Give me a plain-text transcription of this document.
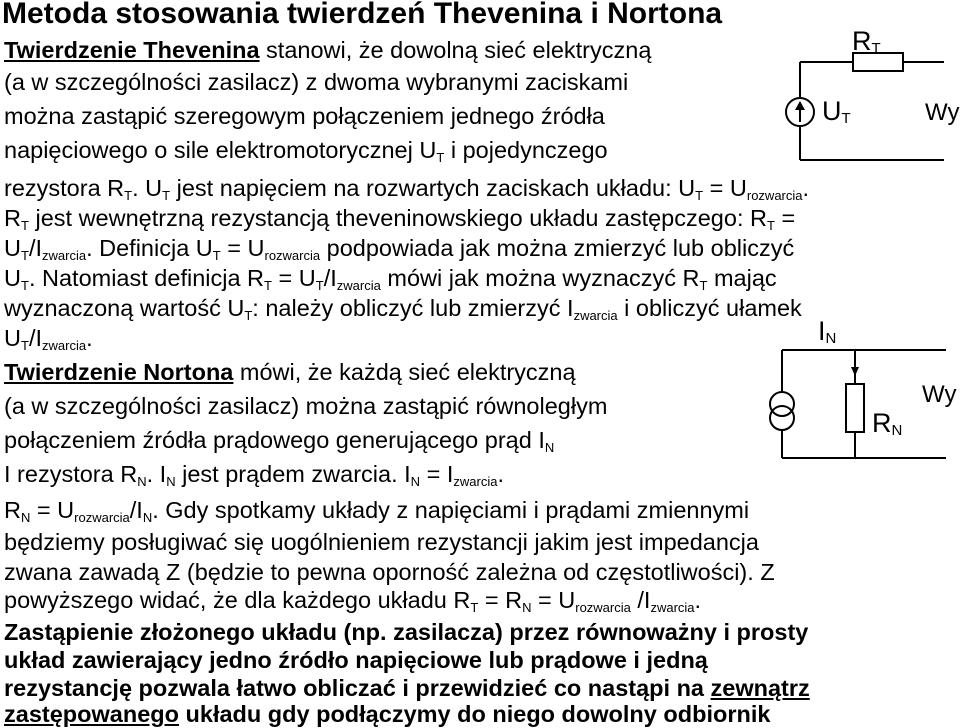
Metoda stosowania twierdzeń Thevenina i Nortona
Twierdzenie Thevenina stanowi, że dowolną sieć elektryczną
(a w szczególności zasilacz) z dwoma wybranymi zaciskami
można zastąpić szeregowym połączeniem jednego źródła
napięciowego o sile elektromotorycznej $U_T$ i pojedynczego
rezystora $R_T$. $U_T$ jest napięciem na rozwartych zaciskach układu: $U_T = U_{rozwarcia}$.
$R_T$ jest wewnętrzną rezystancją theveninowskiego układu zastępczego: $R_T$ =
$U_T/I_{zwarcia}$. Definicja $U_T = U_{rozwarcia}$ podpowiada jak można zmierzyć lub obliczyć
$U_T$. Natomiast definicja $R_T = U_T/I_{zwarcia}$ mówi jak można wyznaczyć $R_T$ mając
wyznaczoną wartość $U_T$: należy obliczyć lub zmierzyć $I_{zwarcia}$ i obliczyć ułamek
$U_T/I_{zwarcia}$.
Twierdzenie Nortona mówi, że każdą sieć elektryczną
(a w szczególności zasilacz) można zastąpić równoległym
połączeniem źródła prądowego generującego prąd $I_N$
I rezystora $R_N$. $I_N$ jest prądem zwarcia. $I_N = I_{zwarcia}$.
$R_N = U_{rozwarcia}/I_N$. Gdy spotkamy układy z napięciami i prądami zmiennymi
będziemy posługiwać się uogólnieniem rezystancji jakim jest impedancja
zwana zawadą Z (będzie to pewna oporność zależna od częstotliwości). Z
powyższego widać, że dla każdego układu $R_T = R_N = U_{rozwarcia}$ $/I_{zwarcia}$.
Zastąpienie złożonego układu (np. zasilacza) przez równoważny i prosty
układ zawierający jedno źródło napięciowe lub prądowe i jedną
rezystancję pozwala łatwo obliczać i przewidzieć co nastąpi na zewnątrz
zastępowanego układu gdy podłączymy do niego dowolny odbiornik
RT
UT	Wy
IN
RN
Wy
